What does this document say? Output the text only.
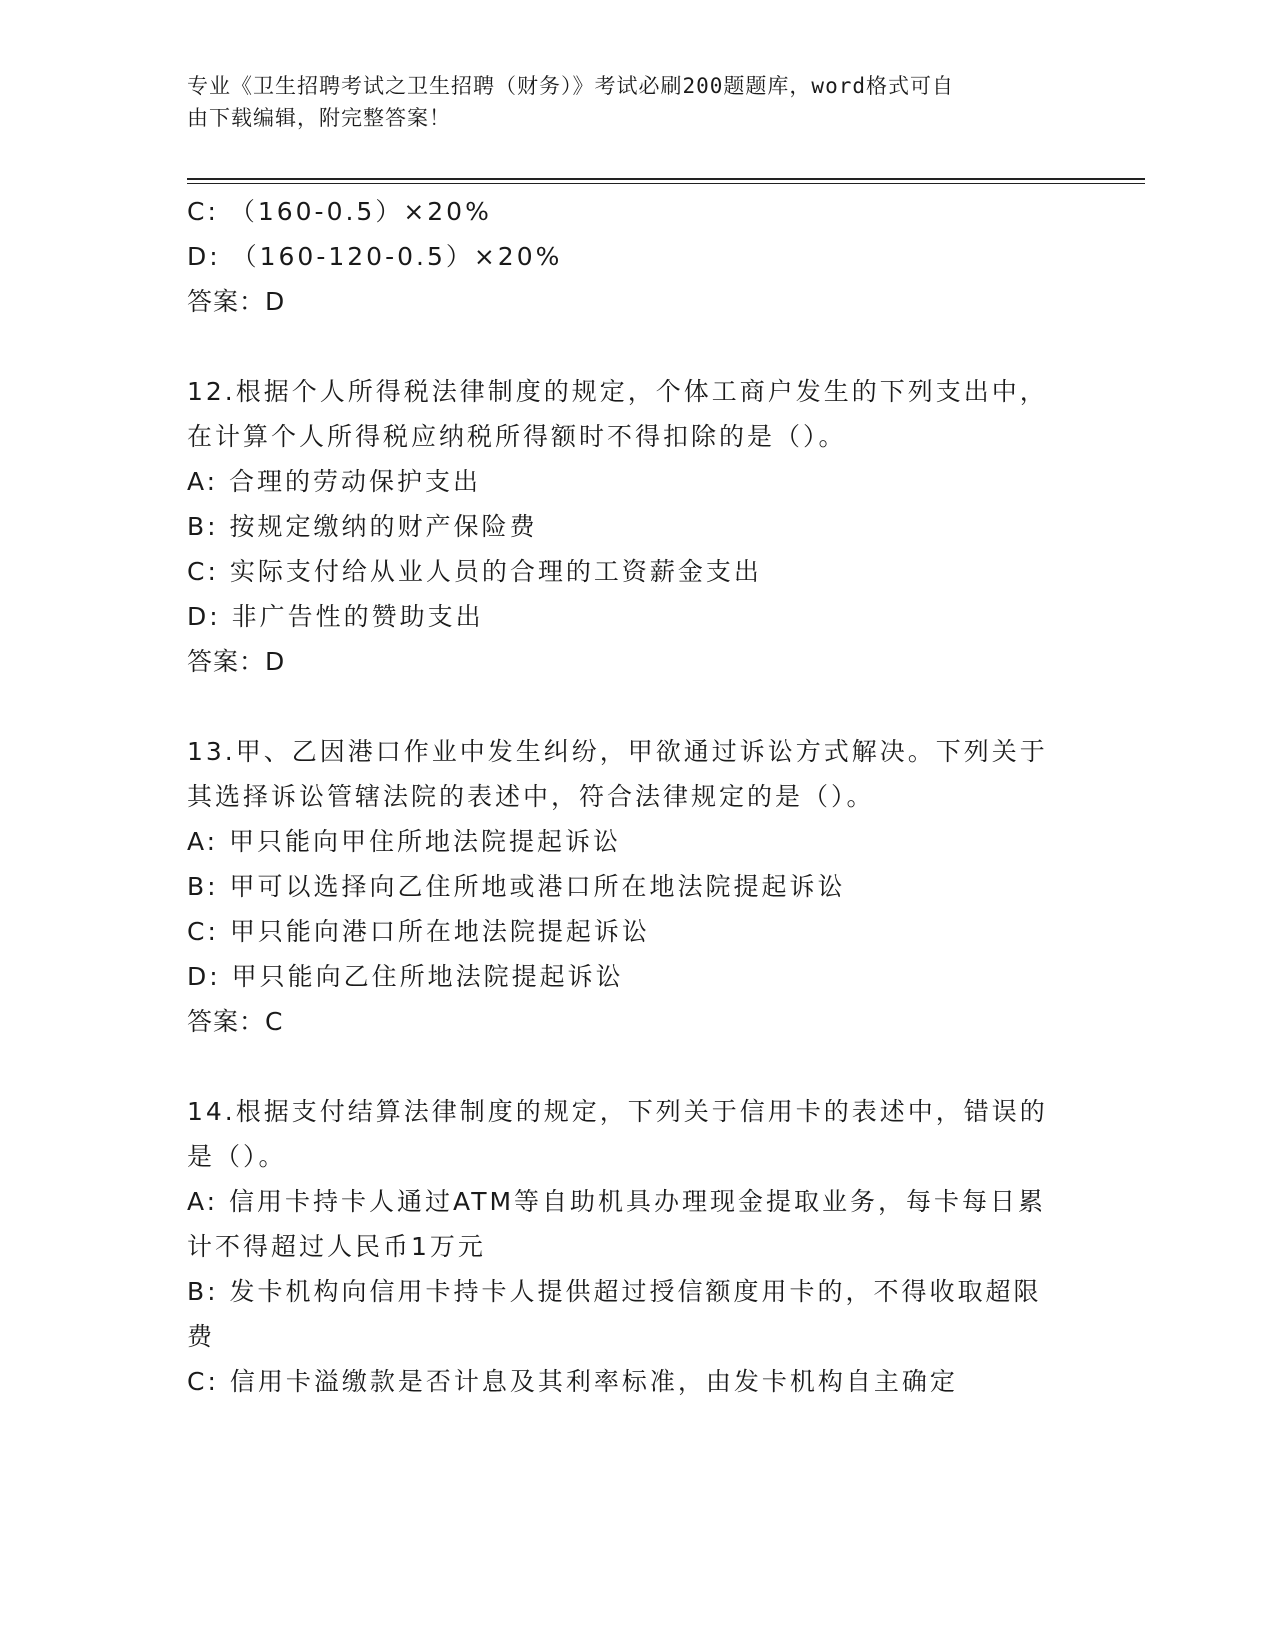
专业《卫生招聘考试之卫生招聘（财务）》考试必刷200题题库，word格式可自
由下载编辑，附完整答案！
C: （160-0.5）×20%
D: （160-120-0.5）×20%
答案：D
12.根据个人所得税法律制度的规定，个体工商户发生的下列支出中，
在计算个人所得税应纳税所得额时不得扣除的是（）。
A: 合理的劳动保护支出
B: 按规定缴纳的财产保险费
C: 实际支付给从业人员的合理的工资薪金支出
D: 非广告性的赞助支出
答案：D
13.甲、乙因港口作业中发生纠纷，甲欲通过诉讼方式解决。下列关于
其选择诉讼管辖法院的表述中，符合法律规定的是（）。
A: 甲只能向甲住所地法院提起诉讼
B: 甲可以选择向乙住所地或港口所在地法院提起诉讼
C: 甲只能向港口所在地法院提起诉讼
D: 甲只能向乙住所地法院提起诉讼
答案：C
14.根据支付结算法律制度的规定，下列关于信用卡的表述中，错误的
是（）。
A: 信用卡持卡人通过ATM等自助机具办理现金提取业务，每卡每日累
计不得超过人民币1万元
B: 发卡机构向信用卡持卡人提供超过授信额度用卡的，不得收取超限
费
C: 信用卡溢缴款是否计息及其利率标准，由发卡机构自主确定
